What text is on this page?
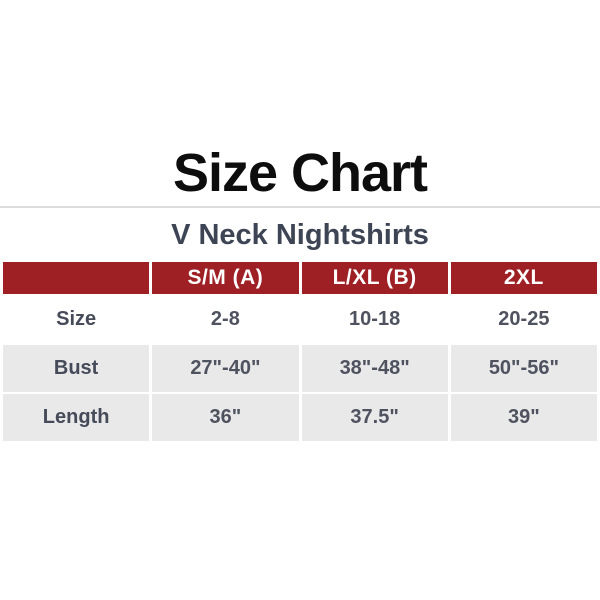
Size Chart
V Neck Nightshirts
	S/M (A)	L/XL (B)	2XL
Size	2-8	10-18	20-25
Bust	27"-40"	38"-48"	50"-56"
Length	36"	37.5"	39"
